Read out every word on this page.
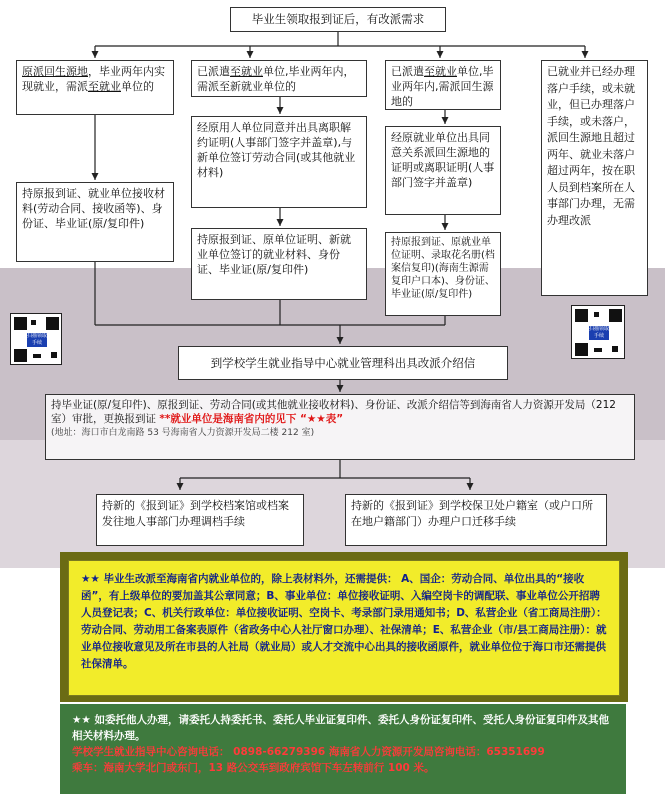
毕业生领取报到证后，有改派需求
原派回生源地，毕业两年内实现就业，需派至就业单位的
持原报到证、就业单位接收材料(劳动合同、接收函等)、身份证、毕业证(原/复印件)
已派遣至就业单位,毕业两年内，需派至新就业单位的
经原用人单位同意并出具离职解约证明(人事部门签字并盖章),与新单位签订劳动合同(或其他就业材料)
持原报到证、原单位证明、新就业单位签订的就业材料、身份证、毕业证(原/复印件)
已派遣至就业单位,毕业两年内,需派回生源地的
经原就业单位出具同意关系派回生源地的证明或离职证明(人事部门签字并盖章)
持原报到证、原就业单位证明、录取花名册(档案信复印)(海南生源需复印户口本)、身份证、毕业证(原/复印件)
已就业并已经办理落户手续，或未就业，但已办理落户手续，或未落户，派回生源地且超过两年、就业未落户超过两年，按在职人员到档案所在人事部门办理，无需办理改派
扫描领取手续
扫描领取手续
到学校学生就业指导中心就业管理科出具改派介绍信
持毕业证(原/复印件)、原报到证、劳动合同(或其他就业接收材料)、身份证、改派介绍信等到海南省人力资源开发局（212 室）审批，更换报到证 **就业单位是海南省内的见下 “★★表”
(地址：海口市白龙南路 53 号海南省人力资源开发局二楼 212 室)
持新的《报到证》到学校档案馆或档案发往地人事部门办理调档手续
持新的《报到证》到学校保卫处户籍室（或户口所在地户籍部门）办理户口迁移手续
★★ 毕业生改派至海南省内就业单位的，除上表材料外，还需提供： A、国企：劳动合同、单位出具的“接收函”，有上级单位的要加盖其公章同意；B、事业单位：单位接收证明、入编空岗卡的调配联、事业单位公开招聘人员登记表；C、机关行政单位：单位接收证明、空岗卡、考录部门录用通知书；D、私营企业（省工商局注册）：劳动合同、劳动用工备案表原件（省政务中心人社厅窗口办理）、社保清单；E、私营企业（市/县工商局注册）：就业单位接收意见及所在市县的人社局（就业局）或人才交流中心出具的接收函原件，就业单位位于海口市还需提供社保清单。
★★ 如委托他人办理，请委托人持委托书、委托人毕业证复印件、委托人身份证复印件、受托人身份证复印件及其他相关材料办理。
学校学生就业指导中心咨询电话： 0898-66279396 海南省人力资源开发局咨询电话：65351699
乘车：海南大学北门或东门，13 路公交车到政府宾馆下车左转前行 100 米。
